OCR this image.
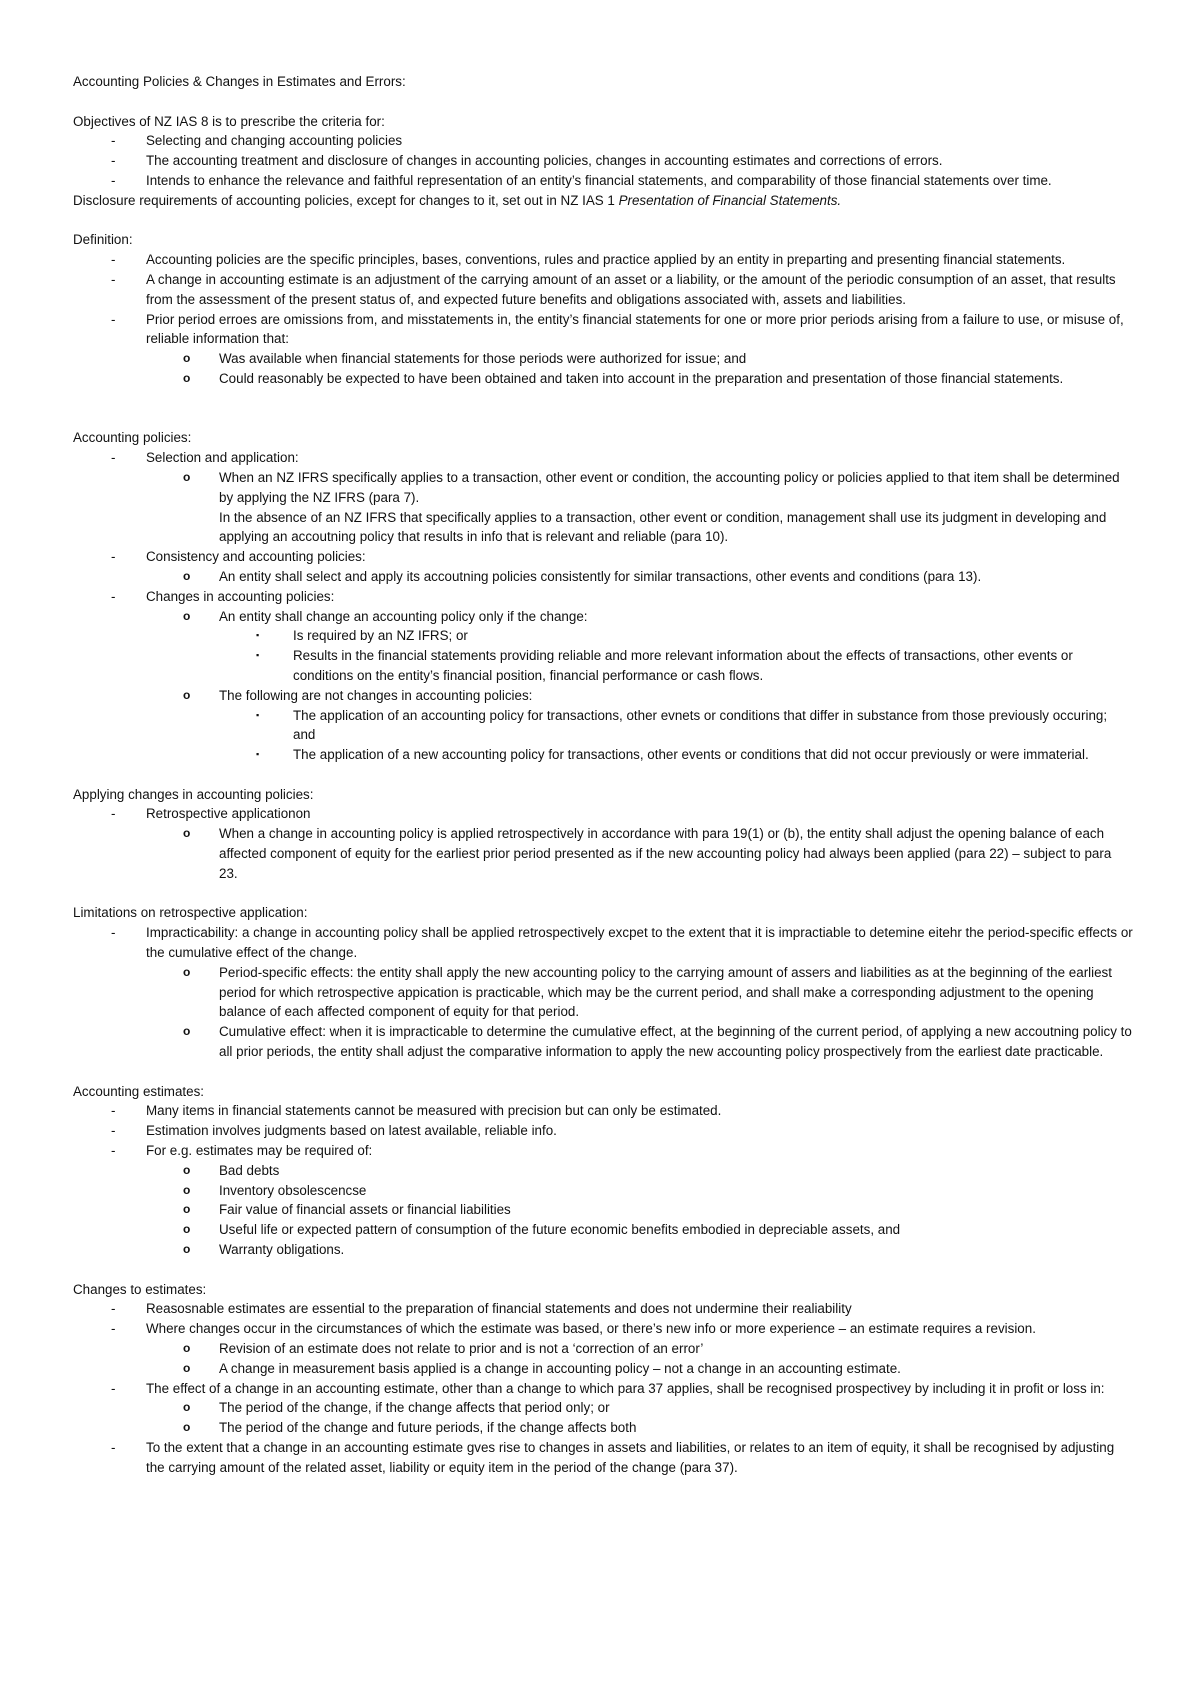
Accounting Policies & Changes in Estimates and Errors:
Objectives of NZ IAS 8 is to prescribe the criteria for:
- Selecting and changing accounting policies
- The accounting treatment and disclosure of changes in accounting policies, changes in accounting estimates and corrections of errors.
- Intends to enhance the relevance and faithful representation of an entity’s financial statements, and comparability of those financial statements over time.
Disclosure requirements of accounting policies, except for changes to it, set out in NZ IAS 1 Presentation of Financial Statements.
Definition:
- Accounting policies are the specific principles, bases, conventions, rules and practice applied by an entity in preparting and presenting financial statements.
- A change in accounting estimate is an adjustment of the carrying amount of an asset or a liability, or the amount of the periodic consumption of an asset, that results from the assessment of the present status of, and expected future benefits and obligations associated with, assets and liabilities.
- Prior period erroes are omissions from, and misstatements in, the entity’s financial statements for one or more prior periods arising from a failure to use, or misuse of, reliable information that:
o Was available when financial statements for those periods were authorized for issue; and
o Could reasonably be expected to have been obtained and taken into account in the preparation and presentation of those financial statements.
Accounting policies:
- Selection and application:
o When an NZ IFRS specifically applies to a transaction, other event or condition, the accounting policy or policies applied to that item shall be determined by applying the NZ IFRS (para 7).
In the absence of an NZ IFRS that specifically applies to a transaction, other event or condition, management shall use its judgment in developing and applying an accoutning policy that results in info that is relevant and reliable (para 10).
- Consistency and accounting policies:
o An entity shall select and apply its accoutning policies consistently for similar transactions, other events and conditions (para 13).
- Changes in accounting policies:
o An entity shall change an accounting policy only if the change:
▪	Is required by an NZ IFRS; or
▪	Results in the financial statements providing reliable and more relevant information about the effects of transactions, other events or conditions on the entity’s financial position, financial performance or cash flows.
o The following are not changes in accounting policies:
▪	The application of an accounting policy for transactions, other evnets or conditions that differ in substance from those previously occuring; and
▪	The application of a new accounting policy for transactions, other events or conditions that did not occur previously or were immaterial.
Applying changes in accounting policies:
- Retrospective applicationon
o When a change in accounting policy is applied retrospectively in accordance with para 19(1) or (b), the entity shall adjust the opening balance of each affected component of equity for the earliest prior period presented as if the new accounting policy had always been applied (para 22) – subject to para 23.
Limitations on retrospective application:
- Impracticability: a change in accounting policy shall be applied retrospectively excpet to the extent that it is impractiable to detemine eitehr the period-specific effects or the cumulative effect of the change.
o Period-specific effects: the entity shall apply the new accounting policy to the carrying amount of assers and liabilities as at the beginning of the earliest period for which retrospective appication is practicable, which may be the current period, and shall make a corresponding adjustment to the opening balance of each affected component of equity for that period.
o Cumulative effect: when it is impracticable to determine the cumulative effect, at the beginning of the current period, of applying a new accoutning policy to all prior periods, the entity shall adjust the comparative information to apply the new accounting policy prospectively from the earliest date practicable.
Accounting estimates:
- Many items in financial statements cannot be measured with precision but can only be estimated.
- Estimation involves judgments based on latest available, reliable info.
- For e.g. estimates may be required of:
o Bad debts
o Inventory obsolescencse
o Fair value of financial assets or financial liabilities
o Useful life or expected pattern of consumption of the future economic benefits embodied in depreciable assets, and
o Warranty obligations.
Changes to estimates:
- Reasosnable estimates are essential to the preparation of financial statements and does not undermine their realiability
- Where changes occur in the circumstances of which the estimate was based, or there’s new info or more experience – an estimate requires a revision.
o Revision of an estimate does not relate to prior and is not a ‘correction of an error’
o A change in measurement basis applied is a change in accounting policy – not a change in an accounting estimate.
- The effect of a change in an accounting estimate, other than a change to which para 37 applies, shall be recognised prospectivey by including it in profit or loss in:
o The period of the change, if the change affects that period only; or
o The period of the change and future periods, if the change affects both
- To the extent that a change in an accounting estimate gves rise to changes in assets and liabilities, or relates to an item of equity, it shall be recognised by adjusting the carrying amount of the related asset, liability or equity item in the period of the change (para 37).
